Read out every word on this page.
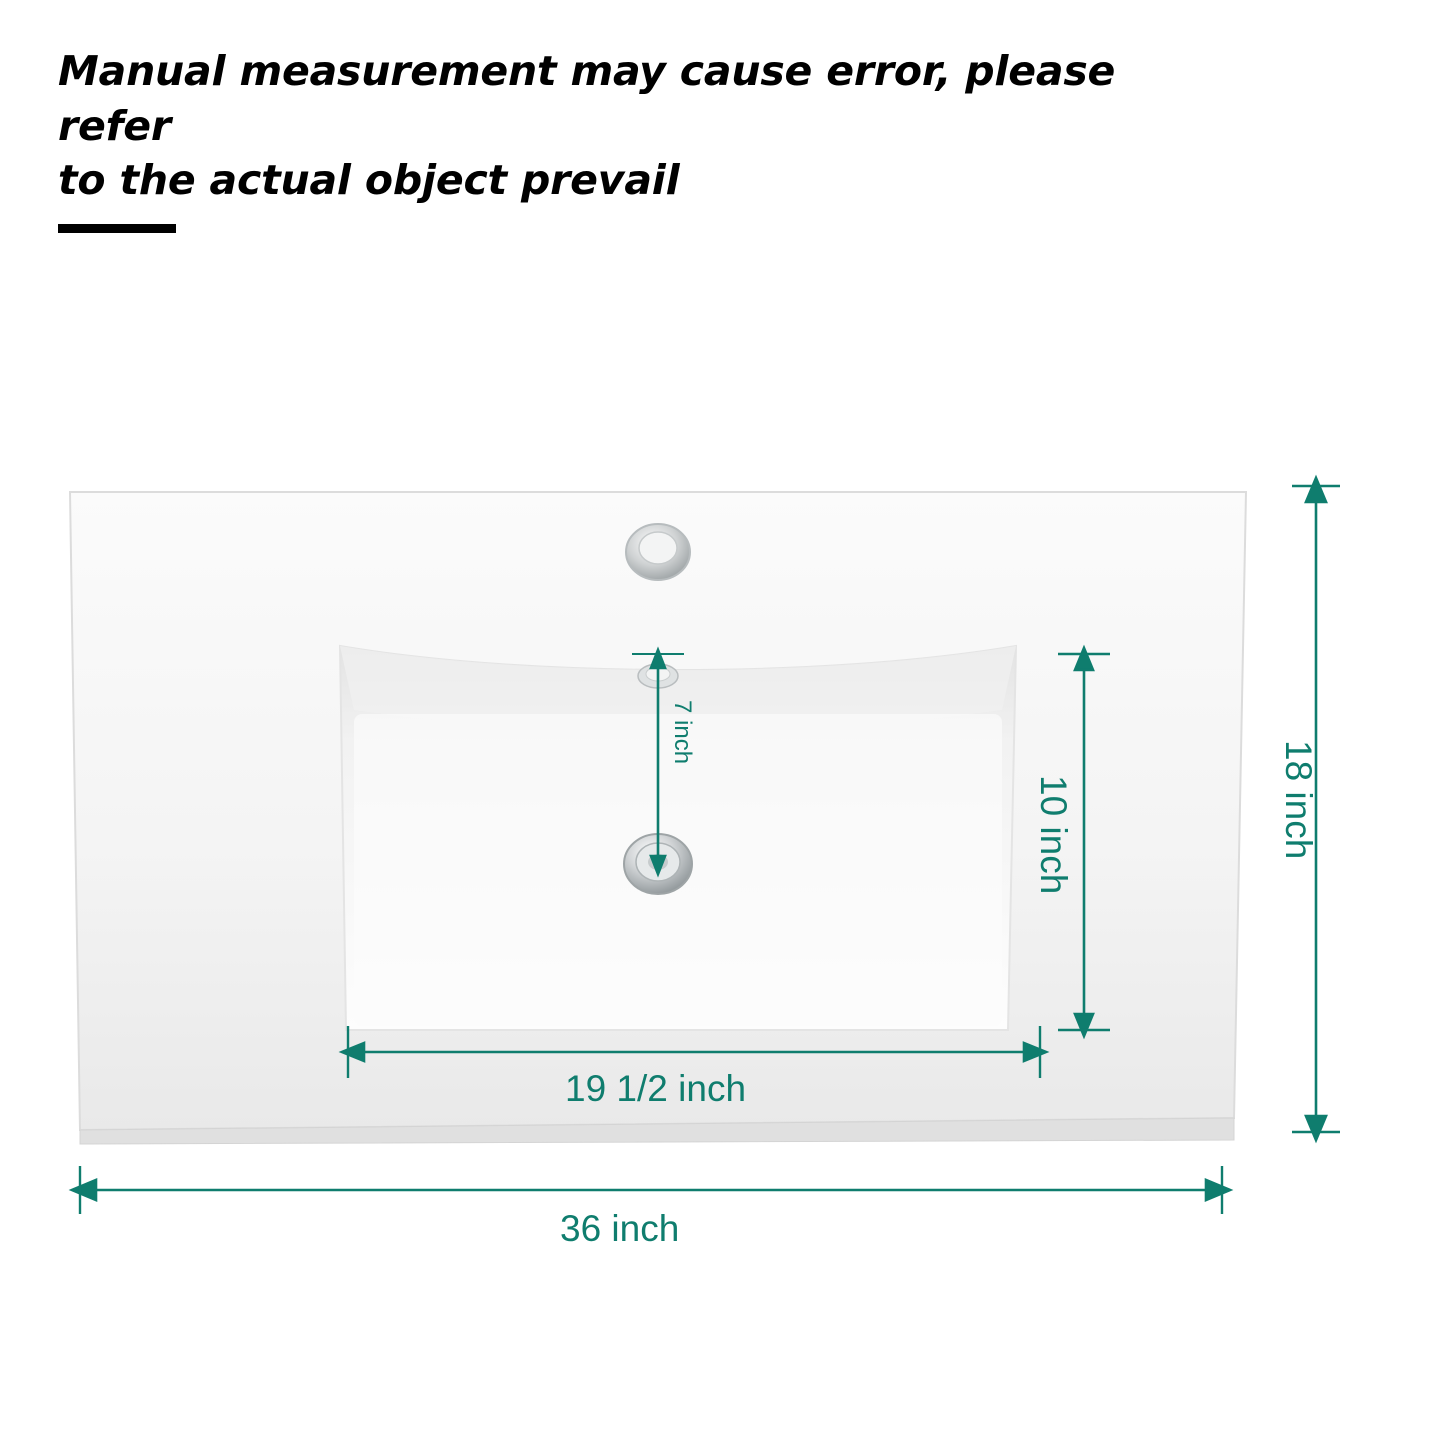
Manual measurement may cause error, please refer
to the actual object prevail
36 inch
19 1/2 inch
18 inch
10 inch
7 inch
